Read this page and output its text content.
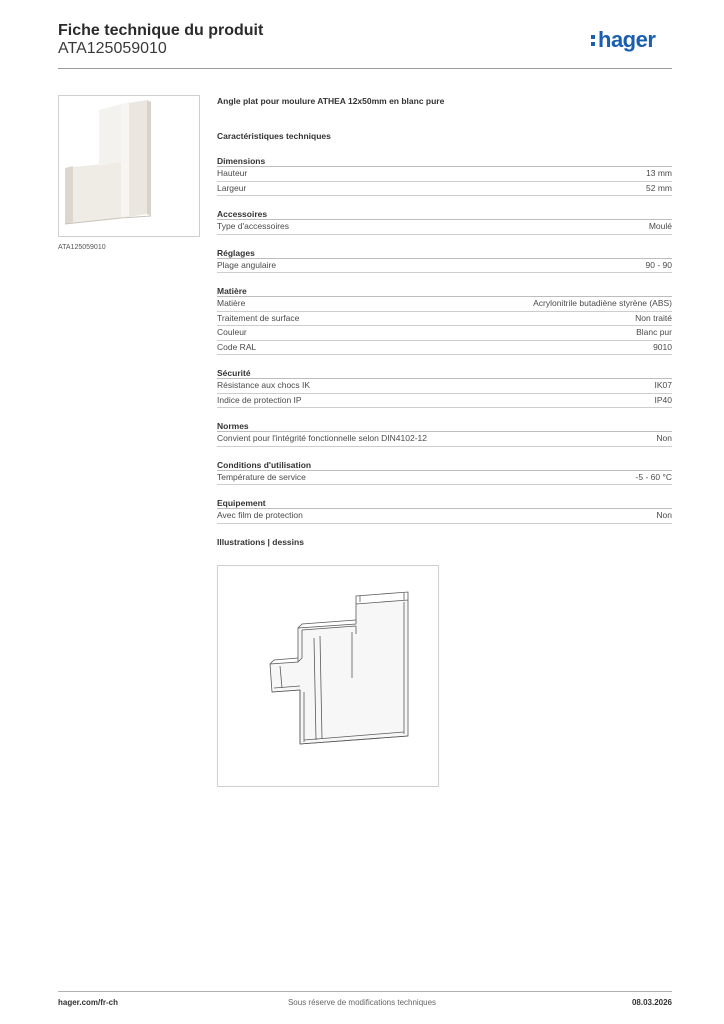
Fiche technique du produit
ATA125059010	hager
ATA125059010
Angle plat pour moulure ATHEA 12x50mm en blanc pure
Caractéristiques techniques
Dimensions
Hauteur	13 mm
Largeur	52 mm
Accessoires
Type d'accessoires	Moulé
Réglages
Plage angulaire	90 - 90
Matière
Matière	Acrylonitrile butadiène styrène (ABS)
Traitement de surface	Non traité
Couleur	Blanc pur
Code RAL	9010
Sécurité
Résistance aux chocs IK	IK07
Indice de protection IP	IP40
Normes
Convient pour l'intégrité fonctionnelle selon DIN4102-12	Non
Conditions d'utilisation
Température de service	-5 - 60 °C
Equipement
Avec film de protection	Non
Illustrations | dessins
hager.com/fr-ch	Sous réserve de modifications techniques	08.03.2026
